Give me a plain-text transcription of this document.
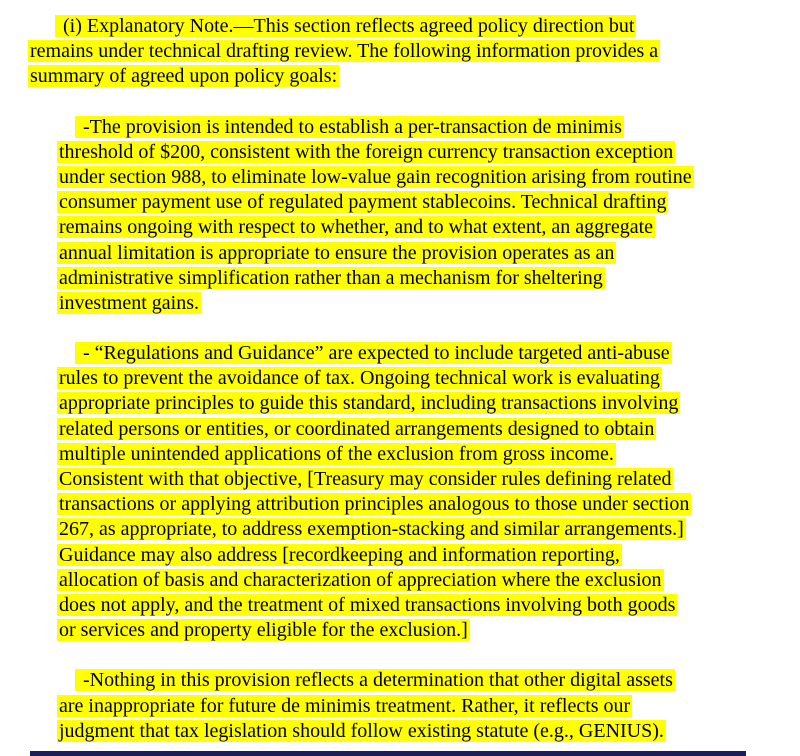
(i) Explanatory Note.—This section reflects agreed policy direction but
remains under technical drafting review. The following information provides a
summary of agreed upon policy goals:
-The provision is intended to establish a per-transaction de minimis
threshold of $200, consistent with the foreign currency transaction exception
under section 988, to eliminate low-value gain recognition arising from routine
consumer payment use of regulated payment stablecoins. Technical drafting
remains ongoing with respect to whether, and to what extent, an aggregate
annual limitation is appropriate to ensure the provision operates as an
administrative simplification rather than a mechanism for sheltering
investment gains.
- “Regulations and Guidance” are expected to include targeted anti-abuse
rules to prevent the avoidance of tax. Ongoing technical work is evaluating
appropriate principles to guide this standard, including transactions involving
related persons or entities, or coordinated arrangements designed to obtain
multiple unintended applications of the exclusion from gross income.
Consistent with that objective, [Treasury may consider rules defining related
transactions or applying attribution principles analogous to those under section
267, as appropriate, to address exemption-stacking and similar arrangements.]
Guidance may also address [recordkeeping and information reporting,
allocation of basis and characterization of appreciation where the exclusion
does not apply, and the treatment of mixed transactions involving both goods
or services and property eligible for the exclusion.]
-Nothing in this provision reflects a determination that other digital assets
are inappropriate for future de minimis treatment. Rather, it reflects our
judgment that tax legislation should follow existing statute (e.g., GENIUS).
